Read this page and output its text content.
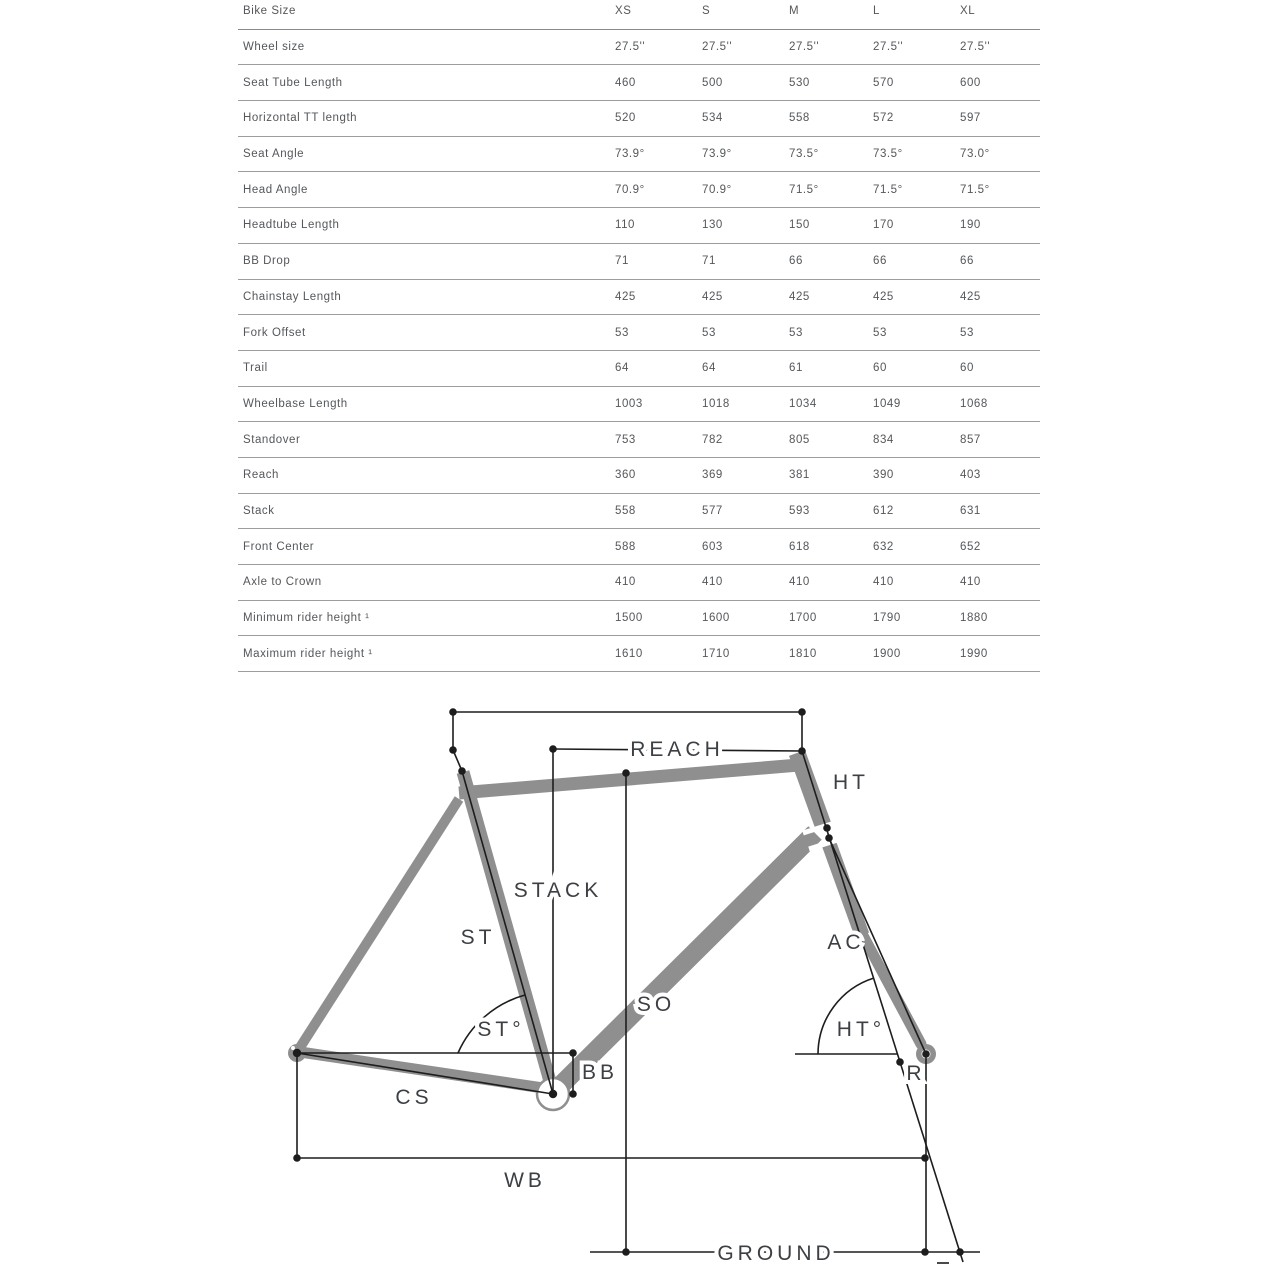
Bike Size	XS	S	M	L	XL
Wheel size	27.5''	27.5''	27.5''	27.5''	27.5''
Seat Tube Length	460	500	530	570	600
Horizontal TT length	520	534	558	572	597
Seat Angle	73.9°	73.9°	73.5°	73.5°	73.0°
Head Angle	70.9°	70.9°	71.5°	71.5°	71.5°
Headtube Length	110	130	150	170	190
BB Drop	71	71	66	66	66
Chainstay Length	425	425	425	425	425
Fork Offset	53	53	53	53	53
Trail	64	64	61	60	60
Wheelbase Length	1003	1018	1034	1049	1068
Standover	753	782	805	834	857
Reach	360	369	381	390	403
Stack	558	577	593	612	631
Front Center	588	603	618	632	652
Axle to Crown	410	410	410	410	410
Minimum rider height ¹	1500	1600	1700	1790	1880
Maximum rider height ¹	1610	1710	1810	1900	1990
REACH
HT
STACK
ST	AC
SO
ST°	HT°
BB	R
CS
WB
GROUND
